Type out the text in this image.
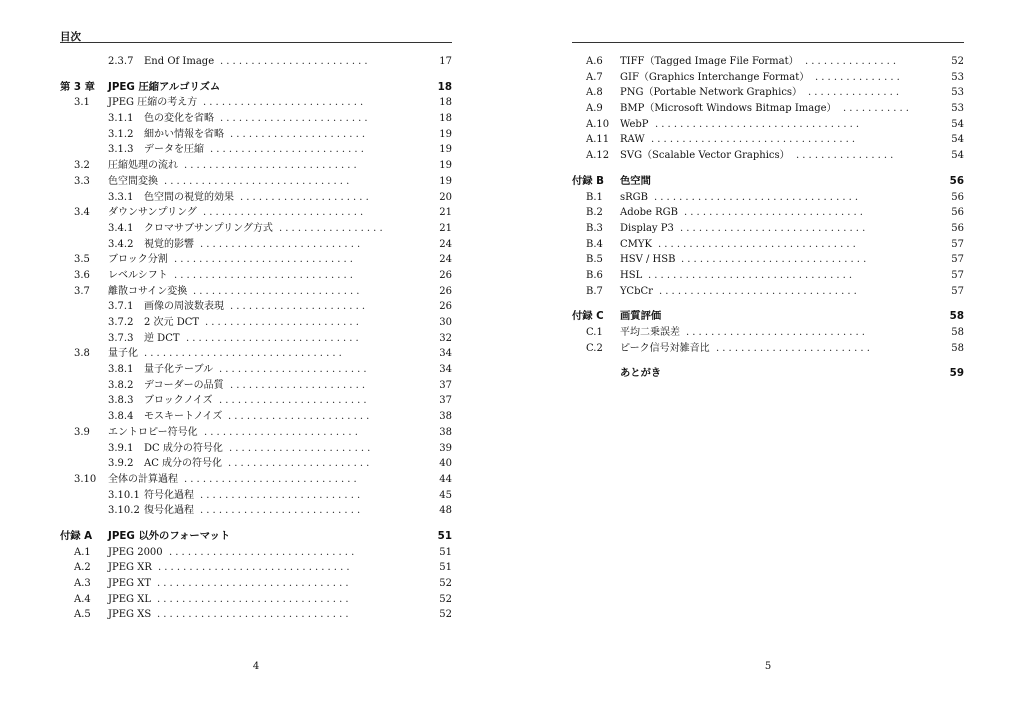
目次
2.3.7	End Of Image ........................	17
第 3 章 JPEG 圧縮アルゴリズム	18
3.1	JPEG 圧縮の考え方 ..........................	18
3.1.1	色の変化を省略 ........................	18
3.1.2	細かい情報を省略 ......................	19
3.1.3	データを圧縮 .........................	19
3.2	圧縮処理の流れ ............................	19
3.3	色空間変換 ..............................	19
3.3.1	色空間の視覚的効果 .....................	20
3.4	ダウンサンプリング ..........................	21
3.4.1	クロマサブサンプリング方式 .................	21
3.4.2	視覚的影響 ..........................	24
3.5	ブロック分割 .............................	24
3.6	レベルシフト .............................	26
3.7	離散コサイン変換 ...........................	26
3.7.1	画像の周波数表現 ......................	26
3.7.2	2 次元 DCT .........................	30
3.7.3	逆 DCT ............................	32
3.8	量子化 ................................	34
3.8.1	量子化テーブル ........................	34
3.8.2	デコーダーの品質 ......................	37
3.8.3	ブロックノイズ ........................	37
3.8.4	モスキートノイズ .......................	38
3.9	エントロピー符号化 .........................	38
3.9.1	DC 成分の符号化 .......................	39
3.9.2	AC 成分の符号化 .......................	40
3.10	全体の計算過程 ............................	44
3.10.1 符号化過程 ..........................	45
3.10.2 復号化過程 ..........................	48
付録 A JPEG 以外のフォーマット	51
A.1	JPEG 2000 ..............................	51
A.2	JPEG XR ...............................	51
A.3	JPEG XT ...............................	52
A.4	JPEG XL ...............................	52
A.5	JPEG XS ...............................	52
4
A.6	TIFF（Tagged Image File Format） ...............	52
A.7	GIF（Graphics Interchange Format） ..............	53
A.8	PNG（Portable Network Graphics） ...............	53
A.9	BMP（Microsoft Windows Bitmap Image） ...........	53
A.10	WebP .................................	54
A.11	RAW .................................	54
A.12	SVG（Scalable Vector Graphics） ................	54
付録 B 色空間	56
B.1	sRGB .................................	56
B.2	Adobe RGB .............................	56
B.3	Display P3 ..............................	56
B.4	CMYK ................................	57
B.5	HSV / HSB ..............................	57
B.6	HSL .................................	57
B.7	YCbCr ................................	57
付録 C 画質評価	58
C.1	平均二乗誤差 .............................	58
C.2	ピーク信号対雑音比 .........................	58
あとがき	59
5
